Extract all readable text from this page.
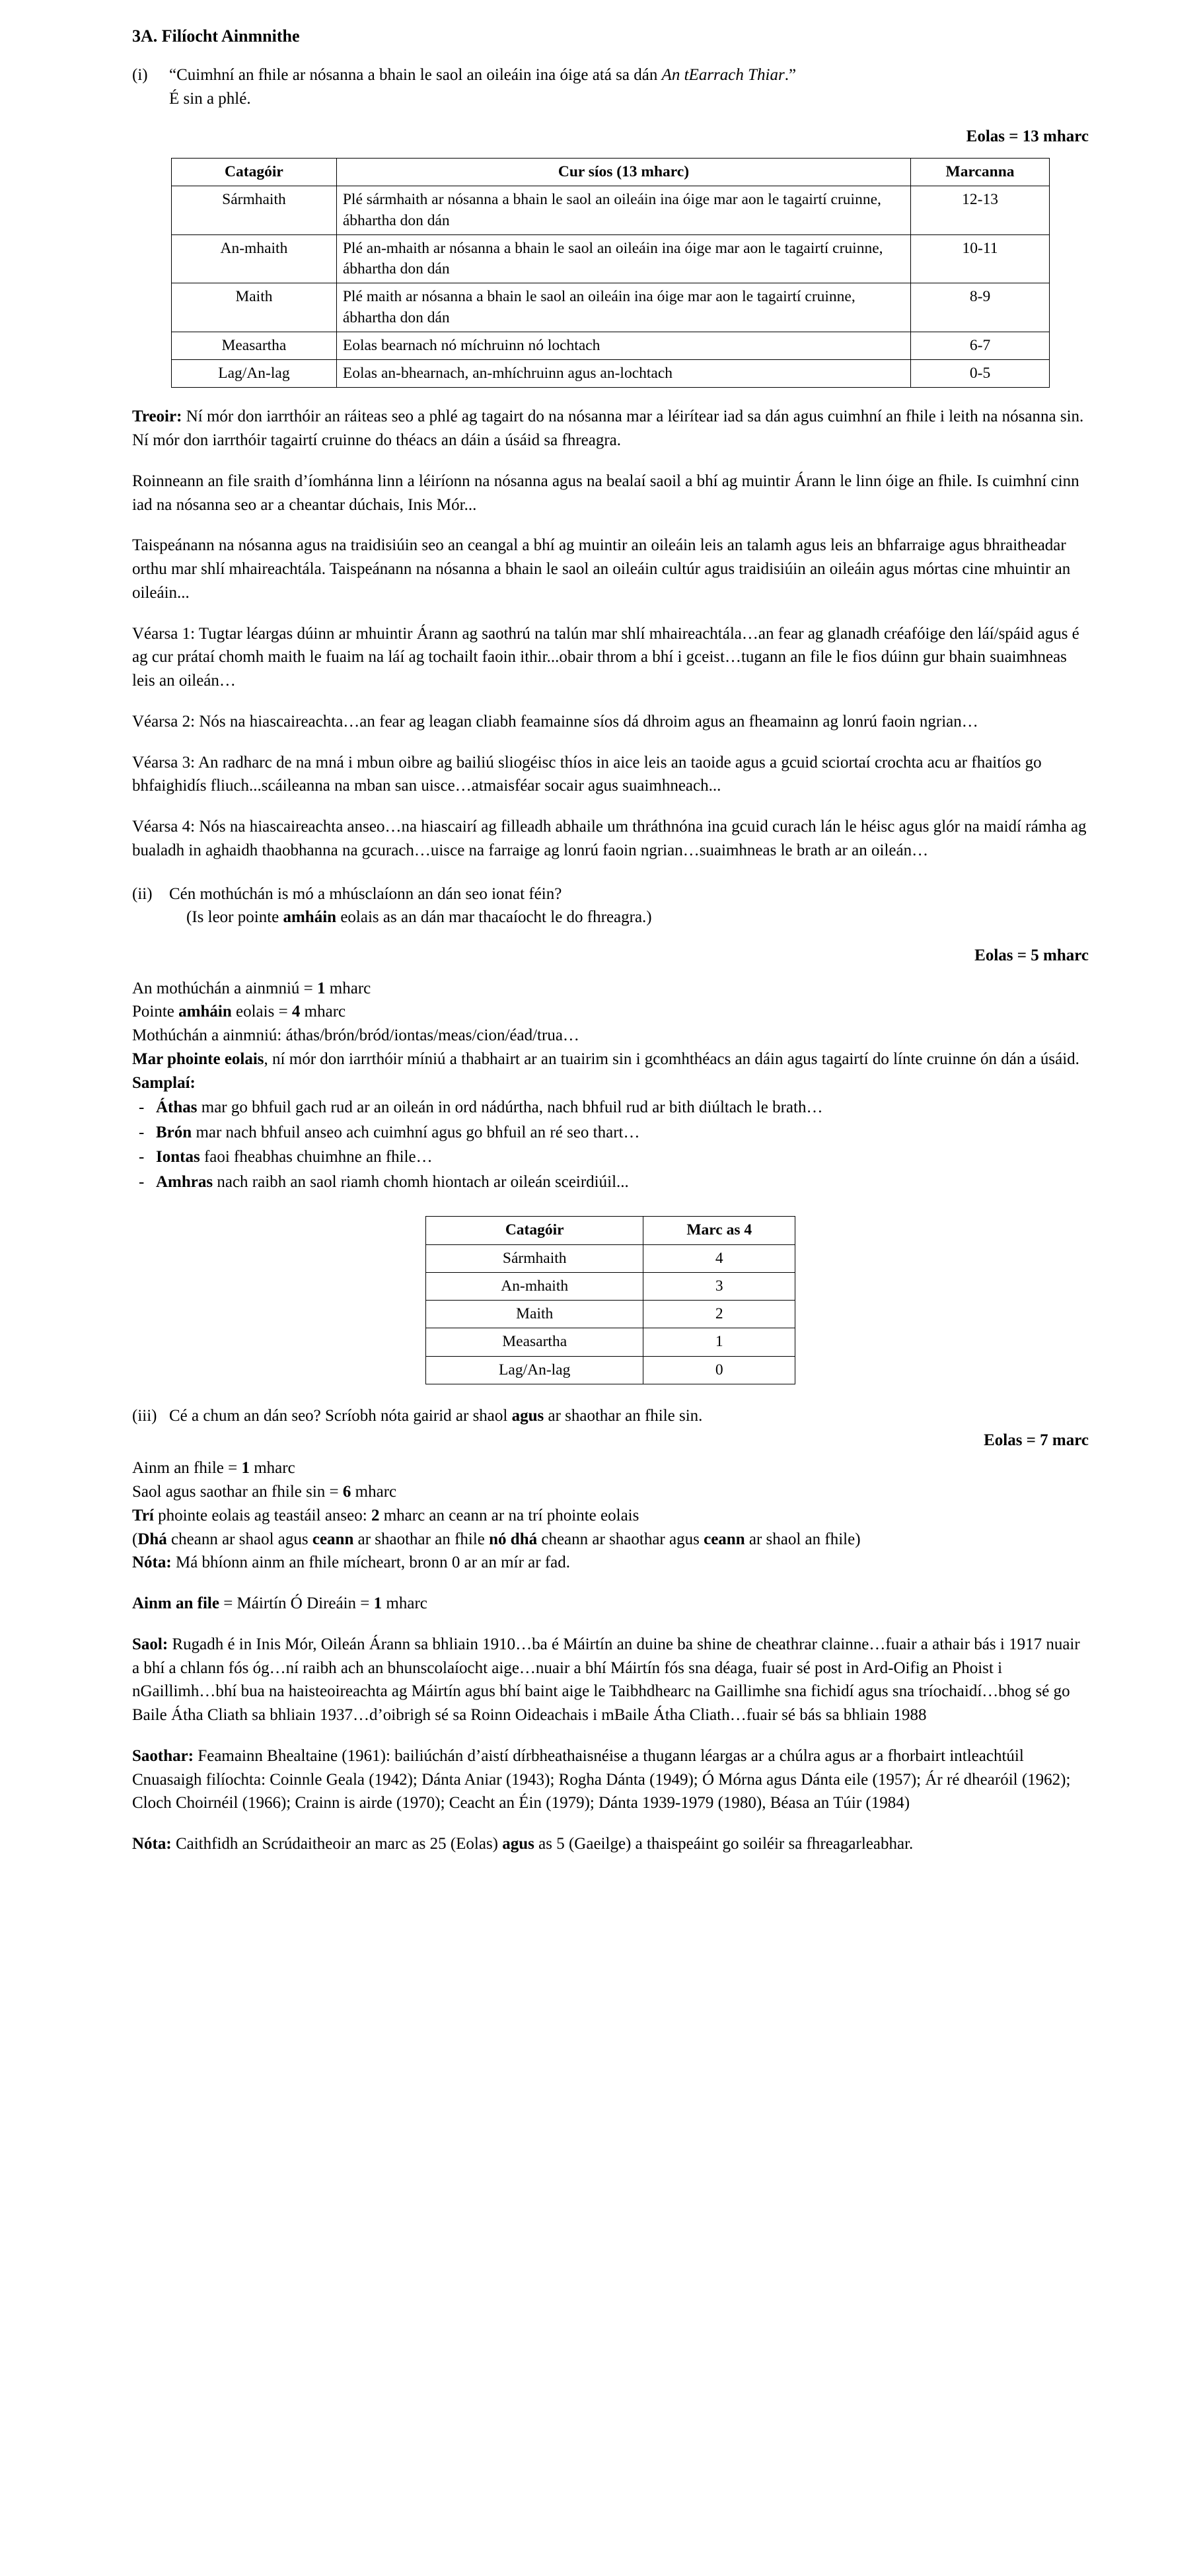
3A. Filíocht Ainmnithe
(i)	“Cuimhní an fhile ar nósanna a bhain le saol an oileáin ina óige atá sa dán An tEarrach Thiar.”
É sin a phlé.
Eolas = 13 mharc
Catagóir	Cur síos (13 mharc)	Marcanna
Sármhaith	Plé sármhaith ar nósanna a bhain le saol an oileáin ina óige mar aon le tagairtí cruinne, ábhartha don dán	12-13
An-mhaith	Plé an-mhaith ar nósanna a bhain le saol an oileáin ina óige mar aon le tagairtí cruinne, ábhartha don dán	10-11
Maith	Plé maith ar nósanna a bhain le saol an oileáin ina óige mar aon le tagairtí cruinne, ábhartha don dán	8-9
Measartha	Eolas bearnach nó míchruinn nó lochtach	6-7
Lag/An-lag	Eolas an-bhearnach, an-mhíchruinn agus an-lochtach	0-5

Treoir: Ní mór don iarrthóir an ráiteas seo a phlé ag tagairt do na nósanna mar a léirítear iad sa dán agus cuimhní an fhile i leith na nósanna sin. Ní mór don iarrthóir tagairtí cruinne do théacs an dáin a úsáid sa fhreagra.

Roinneann an file sraith d’íomhánna linn a léiríonn na nósanna agus na bealaí saoil a bhí ag muintir Árann le linn óige an fhile. Is cuimhní cinn iad na nósanna seo ar a cheantar dúchais, Inis Mór...

Taispeánann na nósanna agus na traidisiúin seo an ceangal a bhí ag muintir an oileáin leis an talamh agus leis an bhfarraige agus bhraitheadar orthu mar shlí mhaireachtála. Taispeánann na nósanna a bhain le saol an oileáin cultúr agus traidisiúin an oileáin agus mórtas cine mhuintir an oileáin...

Véarsa 1: Tugtar léargas dúinn ar mhuintir Árann ag saothrú na talún mar shlí mhaireachtála…an fear ag glanadh créafóige den láí/spáid agus é ag cur prátaí chomh maith le fuaim na láí ag tochailt faoin ithir...obair throm a bhí i gceist…tugann an file le fios dúinn gur bhain suaimhneas leis an oileán…

Véarsa 2: Nós na hiascaireachta…an fear ag leagan cliabh feamainne síos dá dhroim agus an fheamainn ag lonrú faoin ngrian…

Véarsa 3: An radharc de na mná i mbun oibre ag bailiú sliogéisc thíos in aice leis an taoide agus a gcuid sciortaí crochta acu ar fhaitíos go bhfaighidís fliuch...scáileanna na mban san uisce…atmaisféar socair agus suaimhneach...

Véarsa 4: Nós na hiascaireachta anseo…na hiascairí ag filleadh abhaile um thráthnóna ina gcuid curach lán le héisc agus glór na maidí rámha ag bualadh in aghaidh thaobhanna na gcurach…uisce na farraige ag lonrú faoin ngrian…suaimhneas le brath ar an oileán…

(ii)	Cén mothúchán is mó a mhúsclaíonn an dán seo ionat féin?
(Is leor pointe amháin eolais as an dán mar thacaíocht le do fhreagra.)
Eolas = 5 mharc

An mothúchán a ainmniú = 1 mharc

Pointe amháin eolais = 4 mharc

Mothúchán a ainmniú: áthas/brón/bród/iontas/meas/cion/éad/trua…

Mar phointe eolais, ní mór don iarrthóir míniú a thabhairt ar an tuairim sin i gcomhthéacs an dáin agus tagairtí do línte cruinne ón dán a úsáid.

Samplaí:

- Áthas mar go bhfuil gach rud ar an oileán in ord nádúrtha, nach bhfuil rud ar bith diúltach le brath…
- Brón mar nach bhfuil anseo ach cuimhní agus go bhfuil an ré seo thart…
- Iontas faoi fheabhas chuimhne an fhile…
- Amhras nach raibh an saol riamh chomh hiontach ar oileán sceirdiúil...
Catagóir	Marc as 4
Sármhaith	4
An-mhaith	3
Maith	2
Measartha	1
Lag/An-lag	0
(iii) Cé a chum an dán seo? Scríobh nóta gairid ar shaol agus ar shaothar an fhile sin.
Eolas = 7 marc

Ainm an fhile = 1 mharc

Saol agus saothar an fhile sin = 6 mharc

Trí phointe eolais ag teastáil anseo: 2 mharc an ceann ar na trí phointe eolais

(Dhá cheann ar shaol agus ceann ar shaothar an fhile nó dhá cheann ar shaothar agus ceann ar shaol an fhile)

Nóta: Má bhíonn ainm an fhile mícheart, bronn 0 ar an mír ar fad.

Ainm an file = Máirtín Ó Direáin = 1 mharc

Saol: Rugadh é in Inis Mór, Oileán Árann sa bhliain 1910…ba é Máirtín an duine ba shine de cheathrar clainne…fuair a athair bás i 1917 nuair a bhí a chlann fós óg…ní raibh ach an bhunscolaíocht aige…nuair a bhí Máirtín fós sna déaga, fuair sé post in Ard-Oifig an Phoist i nGaillimh…bhí bua na haisteoireachta ag Máirtín agus bhí baint aige le Taibhdhearc na Gaillimhe sna fichidí agus sna tríochaidí…bhog sé go Baile Átha Cliath sa bhliain 1937…d’oibrigh sé sa Roinn Oideachais i mBaile Átha Cliath…fuair sé bás sa bhliain 1988

Saothar: Feamainn Bhealtaine (1961): bailiúchán d’aistí dírbheathaisnéise a thugann léargas ar a chúlra agus ar a fhorbairt intleachtúil

Cnuasaigh filíochta: Coinnle Geala (1942); Dánta Aniar (1943); Rogha Dánta (1949); Ó Mórna agus Dánta eile (1957); Ár ré dhearóil (1962); Cloch Choirnéil (1966); Crainn is airde (1970); Ceacht an Éin (1979); Dánta 1939-1979 (1980), Béasa an Túir (1984)

Nóta: Caithfidh an Scrúdaitheoir an marc as 25 (Eolas) agus as 5 (Gaeilge) a thaispeáint go soiléir sa fhreagarleabhar.
